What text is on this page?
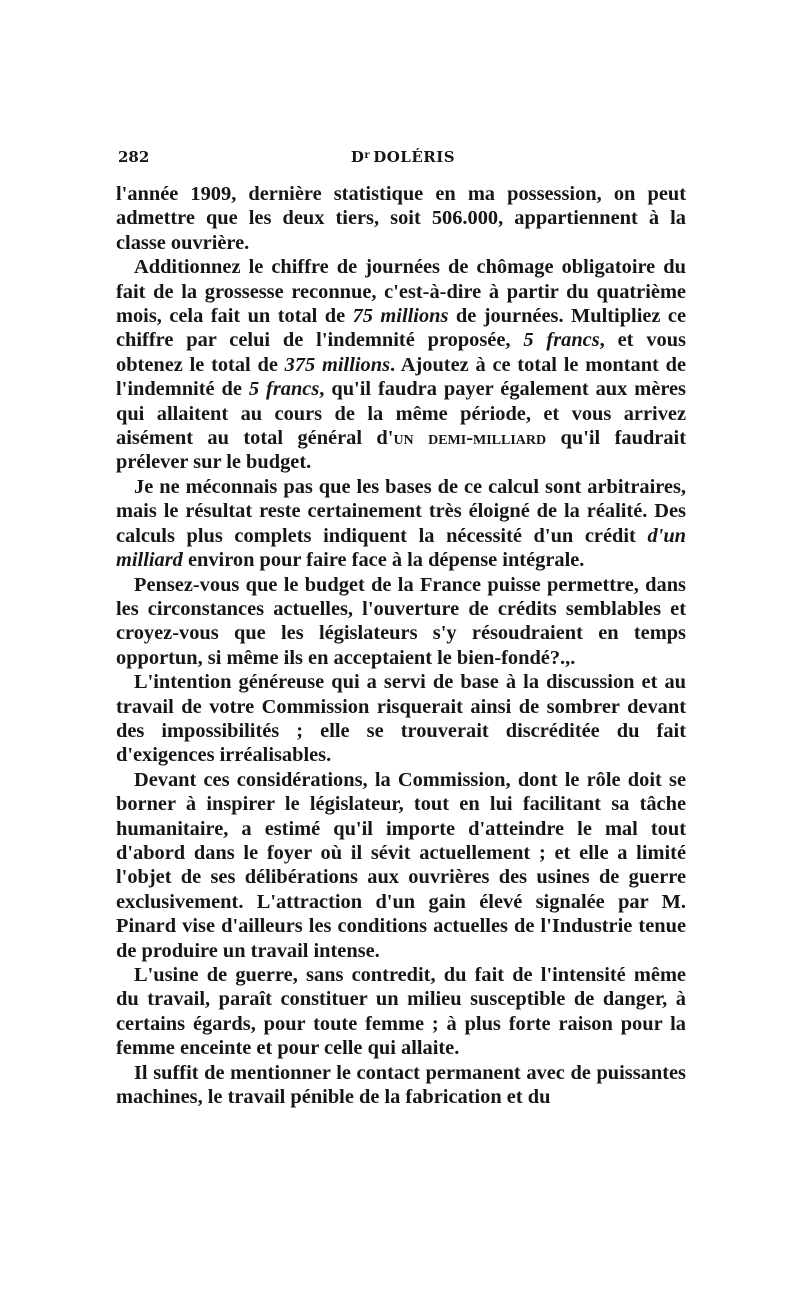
282	$D^r$ DOLÉRIS

l'année 1909, dernière statistique en ma possession, on peut admettre que les deux tiers, soit 506.000, appartiennent à la classe ouvrière.

Additionnez le chiffre de journées de chômage obligatoire du fait de la grossesse reconnue, c'est-à-dire à partir du quatrième mois, cela fait un total de 75 millions de journées. Multipliez ce chiffre par celui de l'indemnité proposée, 5 francs, et vous obtenez le total de 375 millions. Ajoutez à ce total le montant de l'indemnité de 5 francs, qu'il faudra payer également aux mères qui allaitent au cours de la même période, et vous arrivez aisément au total général d'un demi-milliard qu'il faudrait prélever sur le budget.

Je ne méconnais pas que les bases de ce calcul sont arbitraires, mais le résultat reste certainement très éloigné de la réalité. Des calculs plus complets indiquent la nécessité d'un crédit d'un milliard environ pour faire face à la dépense intégrale.

Pensez-vous que le budget de la France puisse permettre, dans les circonstances actuelles, l'ouverture de crédits semblables et croyez-vous que les législateurs s'y résoudraient en temps opportun, si même ils en acceptaient le bien-fondé?.,.

L'intention généreuse qui a servi de base à la discussion et au travail de votre Commission risquerait ainsi de sombrer devant des impossibilités ; elle se trouverait discréditée du fait d'exigences irréalisables.

Devant ces considérations, la Commission, dont le rôle doit se borner à inspirer le législateur, tout en lui facilitant sa tâche humanitaire, a estimé qu'il importe d'atteindre le mal tout d'abord dans le foyer où il sévit actuellement ; et elle a limité l'objet de ses délibérations aux ouvrières des usines de guerre exclusivement. L'attraction d'un gain élevé signalée par M. Pinard vise d'ailleurs les conditions actuelles de l'Industrie tenue de produire un travail intense.

L'usine de guerre, sans contredit, du fait de l'intensité même du travail, paraît constituer un milieu susceptible de danger, à certains égards, pour toute femme ; à plus forte raison pour la femme enceinte et pour celle qui allaite.

Il suffit de mentionner le contact permanent avec de puissantes machines, le travail pénible de la fabrication et du
